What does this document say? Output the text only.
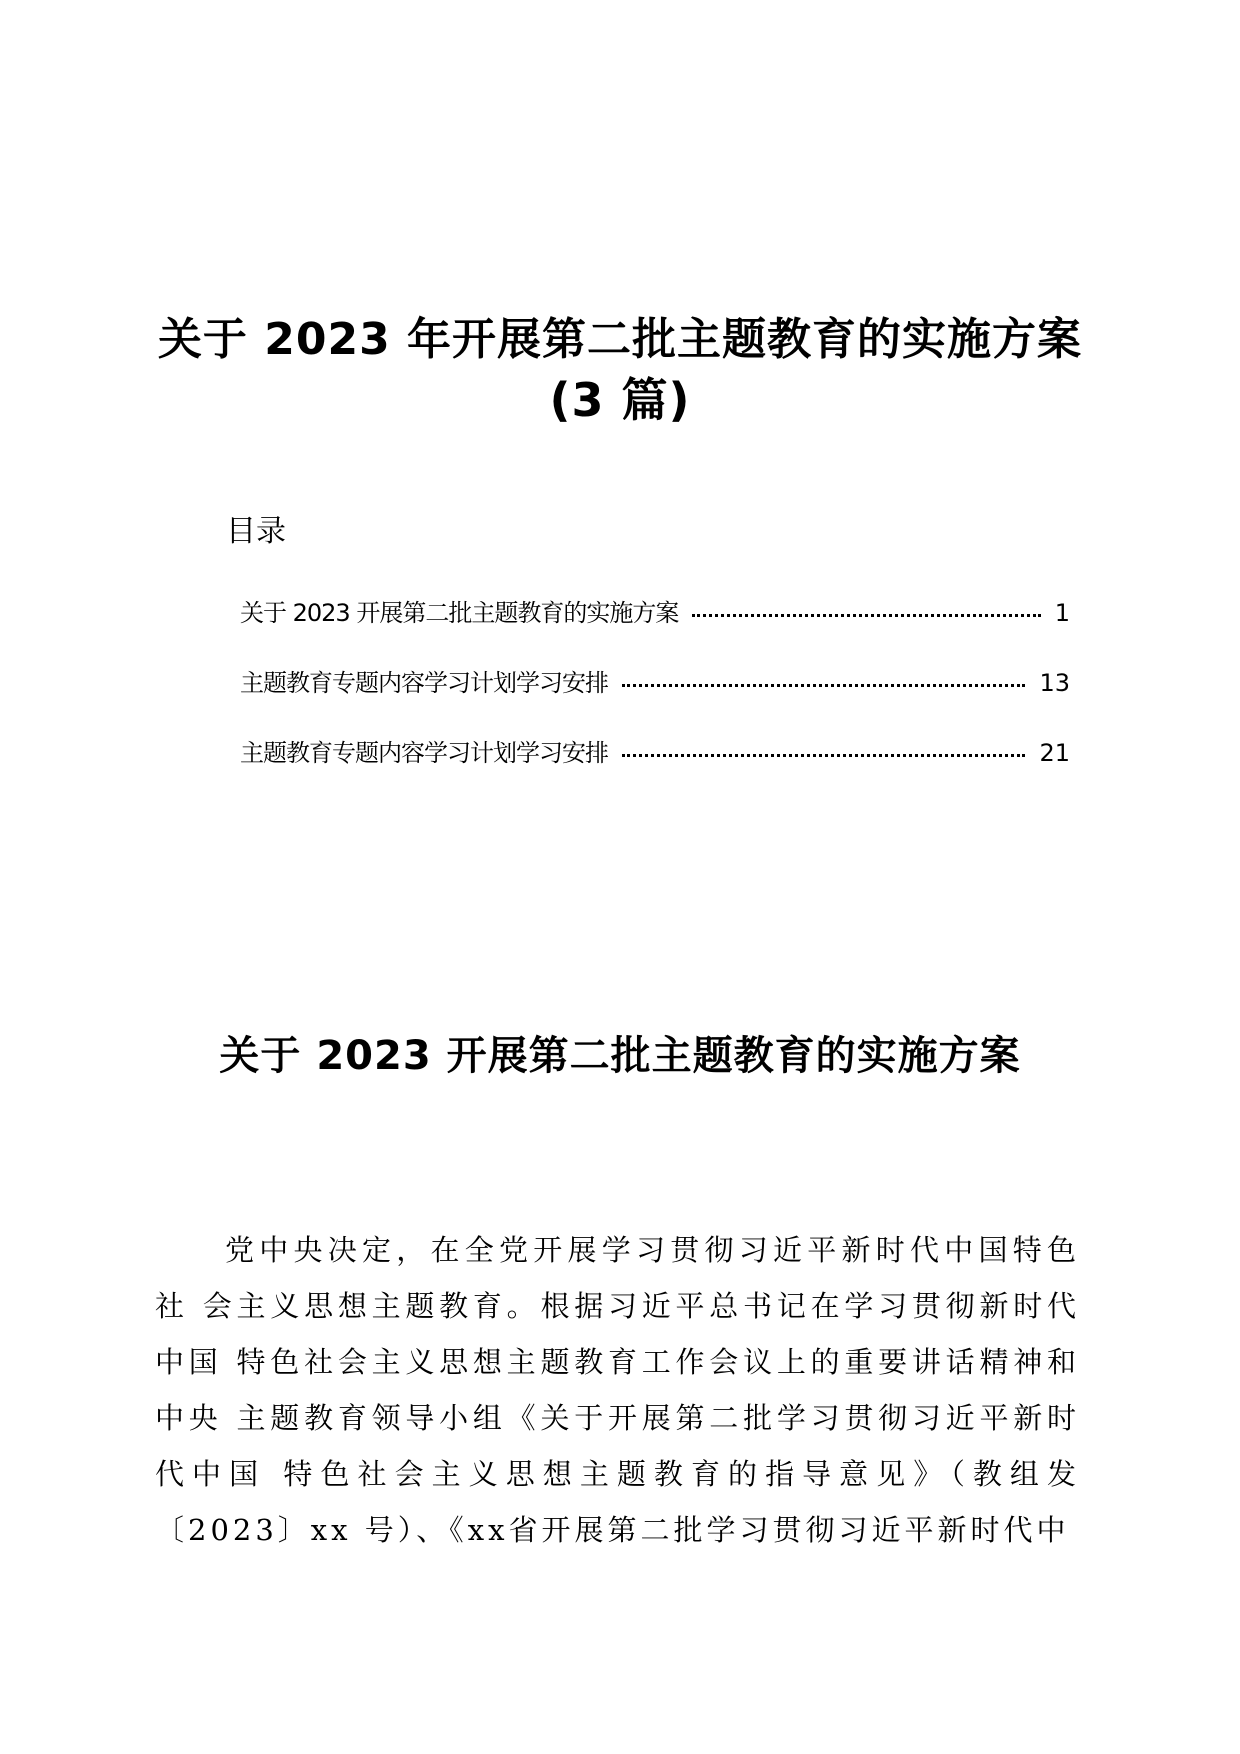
关于 2023 年开展第二批主题教育的实施方案
(3 篇)
目录
关于 2023 开展第二批主题教育的实施方案	1
主题教育专题内容学习计划学习安排	13
主题教育专题内容学习计划学习安排	21
关于 2023 开展第二批主题教育的实施方案

党中央决定，在全党开展学习贯彻习近平新时代中国特色社 会主义思想主题教育。根据习近平总书记在学习贯彻新时代中国 特色社会主义思想主题教育工作会议上的重要讲话精神和中央 主题教育领导小组《关于开展第二批学习贯彻习近平新时代中国 特色社会主义思想主题教育的指导意见》（教组发〔2023〕xx 号）、《xx省开展第二批学习贯彻习近平新时代中
